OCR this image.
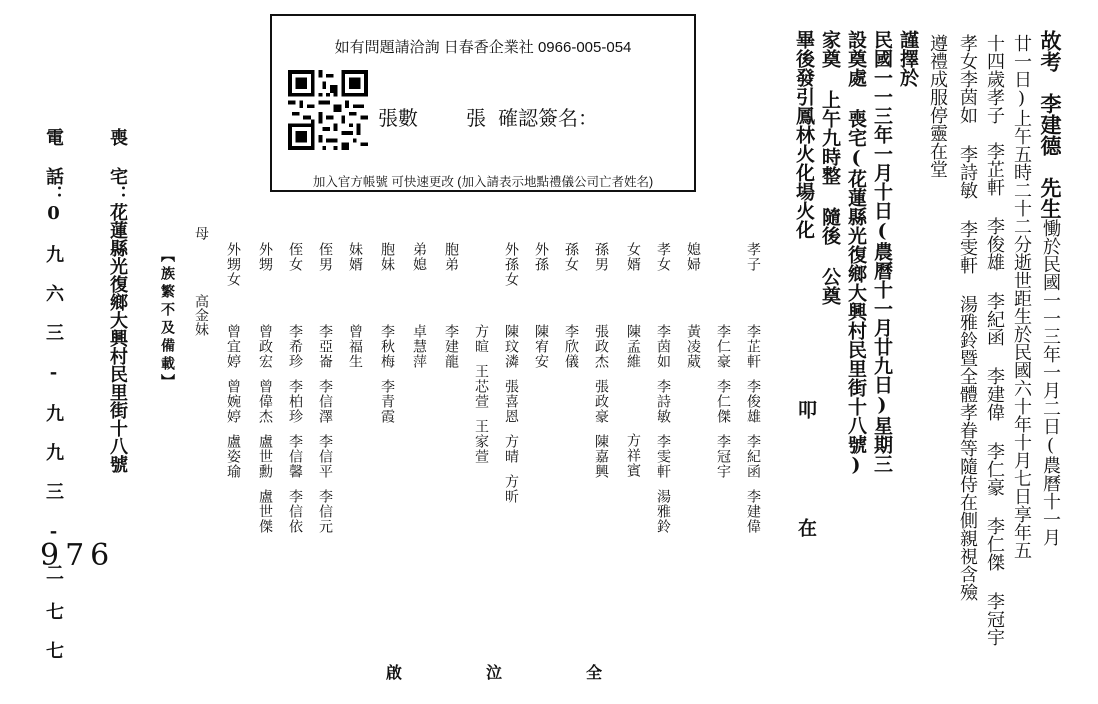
故考　李建德　先生慟於民國一一三年一月二日(農曆十一月
廿一日)上午五時二十二分逝世距生於民國六十年十月七日享年五
十四歲孝子　李芷軒 李俊雄 李紀函 李建偉 李仁豪 李仁傑 李冠宇
孝女李茵如 李詩敏 李雯軒 湯雅鈴暨全體孝眷等隨侍在側親視含殮
遵禮成服停靈在堂
謹擇於
民國一一三年一月十日(農曆十一月廿九日)星期三
設奠處 喪宅(花蓮縣光復鄉大興村民里街十八號)
家奠 上午九時整 隨後 公奠
畢後發引鳳林火化場火化
叩
在
如有問題請洽詢 日春香企業社 0966-005-054
張數 張 確認簽名：
加入官方帳號 可快速更改 (加入請表示地點禮儀公司亡者姓名)
孝子
李芷軒
李俊雄
李紀函
李建偉
李仁豪
李仁傑
李冠宇
媳婦
黃凌葳
孝女
李茵如
李詩敏
李雯軒
湯雅鈴
女婿
陳孟維
方祥賓
孫男
張政杰
張政豪
陳嘉興
孫女
李欣儀
外孫
陳宥安
外孫女
陳玟潾
張喜恩
方晴
方昕
方暄
王芯萱
王家萱
胞弟
李建龍
弟媳
卓慧萍
胞妹
李秋梅
李青霞
妹婿
曾福生
侄男
李亞崙
李信澤
李信平
李信元
侄女
李希珍
李柏珍
李信馨
李信依
外甥
曾政宏
曾偉杰
盧世勳
盧世傑
外甥女
曾宜婷
曾婉婷
盧姿瑜
母
高金妹
【族繁不及備載】
喪 宅：花蓮縣光復鄉大興村民里街十八號
電 話：0 九 六 三 - 九 九 三 - 二 七 七
976
啟	泣	全
